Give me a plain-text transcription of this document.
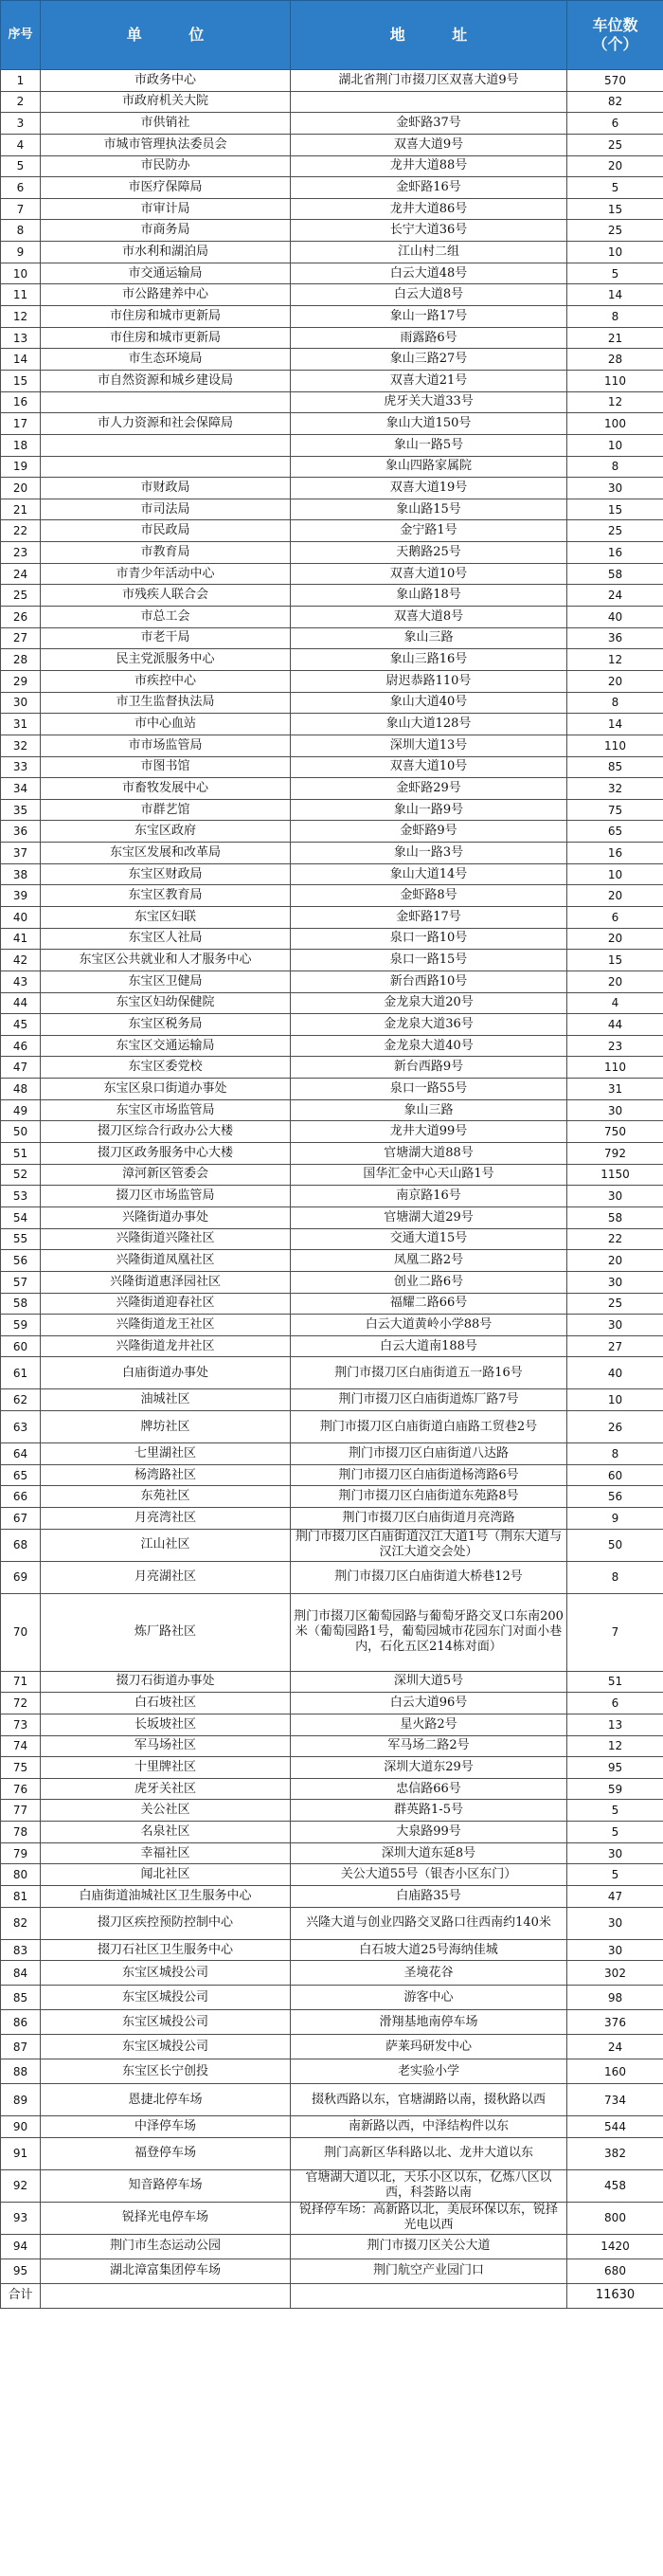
序号	单 位	地 址	车位数
（个）

1	市政务中心	湖北省荆门市掇刀区双喜大道9号	570
2	市政府机关大院		82
3	市供销社	金虾路37号	6
4	市城市管理执法委员会	双喜大道9号	25
5	市民防办	龙井大道88号	20
6	市医疗保障局	金虾路16号	5
7	市审计局	龙井大道86号	15
8	市商务局	长宁大道36号	25
9	市水利和湖泊局	江山村二组	10
10	市交通运输局	白云大道48号	5
11	市公路建养中心	白云大道8号	14
12	市住房和城市更新局	象山一路17号	8
13	市住房和城市更新局	雨露路6号	21
14	市生态环境局	象山三路27号	28
15	市自然资源和城乡建设局	双喜大道21号	110
16		虎牙关大道33号	12
17	市人力资源和社会保障局	象山大道150号	100
18		象山一路5号	10
19		象山四路家属院	8
20	市财政局	双喜大道19号	30
21	市司法局	象山路15号	15
22	市民政局	金宁路1号	25
23	市教育局	天鹅路25号	16
24	市青少年活动中心	双喜大道10号	58
25	市残疾人联合会	象山路18号	24
26	市总工会	双喜大道8号	40
27	市老干局	象山三路	36
28	民主党派服务中心	象山三路16号	12
29	市疾控中心	尉迟恭路110号	20
30	市卫生监督执法局	象山大道40号	8
31	市中心血站	象山大道128号	14
32	市市场监管局	深圳大道13号	110
33	市图书馆	双喜大道10号	85
34	市畜牧发展中心	金虾路29号	32
35	市群艺馆	象山一路9号	75
36	东宝区政府	金虾路9号	65
37	东宝区发展和改革局	象山一路3号	16
38	东宝区财政局	象山大道14号	10
39	东宝区教育局	金虾路8号	20
40	东宝区妇联	金虾路17号	6
41	东宝区人社局	泉口一路10号	20
42	东宝区公共就业和人才服务中心	泉口一路15号	15
43	东宝区卫健局	新台西路10号	20
44	东宝区妇幼保健院	金龙泉大道20号	4
45	东宝区税务局	金龙泉大道36号	44
46	东宝区交通运输局	金龙泉大道40号	23
47	东宝区委党校	新台西路9号	110
48	东宝区泉口街道办事处	泉口一路55号	31
49	东宝区市场监管局	象山三路	30
50	掇刀区综合行政办公大楼	龙井大道99号	750
51	掇刀区政务服务中心大楼	官塘湖大道88号	792
52	漳河新区管委会	国华汇金中心天山路1号	1150
53	掇刀区市场监管局	南京路16号	30
54	兴隆街道办事处	官塘湖大道29号	58
55	兴隆街道兴隆社区	交通大道15号	22
56	兴隆街道凤凰社区	凤凰二路2号	20
57	兴隆街道惠泽园社区	创业二路6号	30
58	兴隆街道迎春社区	福耀二路66号	25
59	兴隆街道龙王社区	白云大道黄岭小学88号	30
60	兴隆街道龙井社区	白云大道南188号	27
61	白庙街道办事处	荆门市掇刀区白庙街道五一路16号	40
62	油城社区	荆门市掇刀区白庙街道炼厂路7号	10
63	牌坊社区	荆门市掇刀区白庙街道白庙路工贸巷2号	26
64	七里湖社区	荆门市掇刀区白庙街道八达路	8
65	杨湾路社区	荆门市掇刀区白庙街道杨湾路6号	60
66	东苑社区	荆门市掇刀区白庙街道东苑路8号	56
67	月亮湾社区	荆门市掇刀区白庙街道月亮湾路	9
68	江山社区	荆门市掇刀区白庙街道汉江大道1号（荆东大道与汉江大道交会处）	50
69	月亮湖社区	荆门市掇刀区白庙街道大桥巷12号	8
70	炼厂路社区	荆门市掇刀区葡萄园路与葡萄牙路交叉口东南200米（葡萄园路1号，葡萄园城市花园东门对面小巷内，石化五区214栋对面）	7
71	掇刀石街道办事处	深圳大道5号	51
72	白石坡社区	白云大道96号	6
73	长坂坡社区	星火路2号	13
74	军马场社区	军马场二路2号	12
75	十里牌社区	深圳大道东29号	95
76	虎牙关社区	忠信路66号	59
77	关公社区	群英路1-5号	5
78	名泉社区	大泉路99号	5
79	幸福社区	深圳大道东延8号	30
80	闻北社区	关公大道55号（银杏小区东门）	5
81	白庙街道油城社区卫生服务中心	白庙路35号	47
82	掇刀区疾控预防控制中心	兴隆大道与创业四路交叉路口往西南约140米	30
83	掇刀石社区卫生服务中心	白石坡大道25号海纳佳城	30
84	东宝区城投公司	圣境花谷	302
85	东宝区城投公司	游客中心	98
86	东宝区城投公司	滑翔基地南停车场	376
87	东宝区城投公司	萨莱玛研发中心	24
88	东宝区长宁创投	老实验小学	160
89	恩捷北停车场	掇秋西路以东，官塘湖路以南，掇秋路以西	734
90	中泽停车场	南新路以西，中泽结构件以东	544
91	福登停车场	荆门高新区华科路以北、龙井大道以东	382
92	知音路停车场	官塘湖大道以北，天乐小区以东，亿炼八区以西，科荟路以南	458
93	锐择光电停车场	锐择停车场：高新路以北，美辰环保以东，锐择光电以西	800
94	荆门市生态运动公园	荆门市掇刀区关公大道	1420
95	湖北漳富集团停车场	荆门航空产业园门口	680
合计			11630
